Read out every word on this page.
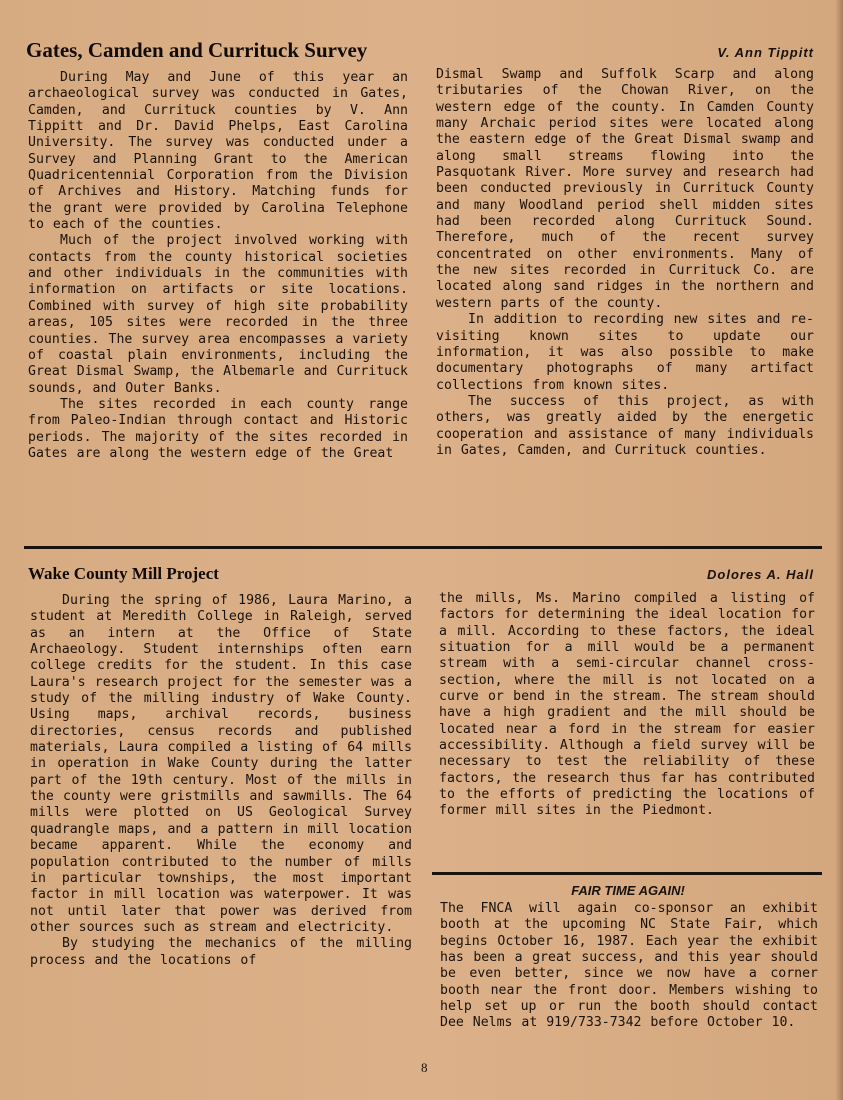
Gates, Camden and Currituck Survey	V. Ann Tippitt

During May and June of this year an archaeological survey was conducted in Gates, Camden, and Currituck counties by V. Ann Tippitt and Dr. David Phelps, East Carolina University. The survey was conducted under a Survey and Planning Grant to the American Quadricentennial Corporation from the Division of Archives and History. Matching funds for the grant were provided by Carolina Telephone to each of the counties.

Much of the project involved working with contacts from the county historical societies and other individuals in the communities with information on artifacts or site locations. Combined with survey of high site probability areas, 105 sites were recorded in the three counties. The survey area encompasses a variety of coastal plain environments, including the Great Dismal Swamp, the Albemarle and Currituck sounds, and Outer Banks.

The sites recorded in each county range from Paleo-Indian through contact and Historic periods. The majority of the sites recorded in Gates are along the western edge of the Great

Dismal Swamp and Suffolk Scarp and along tributaries of the Chowan River, on the western edge of the county. In Camden County many Archaic period sites were located along the eastern edge of the Great Dismal swamp and along small streams flowing into the Pasquotank River. More survey and research had been conducted previously in Currituck County and many Woodland period shell midden sites had been recorded along Currituck Sound. Therefore, much of the recent survey concentrated on other environments. Many of the new sites recorded in Currituck Co. are located along sand ridges in the northern and western parts of the county.

In addition to recording new sites and re-visiting known sites to update our information, it was also possible to make documentary photographs of many artifact collections from known sites.

The success of this project, as with others, was greatly aided by the energetic cooperation and assistance of many individuals in Gates, Camden, and Currituck counties.

Wake County Mill Project	Dolores A. Hall

During the spring of 1986, Laura Marino, a student at Meredith College in Raleigh, served as an intern at the Office of State Archaeology. Student internships often earn college credits for the student. In this case Laura's research project for the semester was a study of the milling industry of Wake County. Using maps, archival records, business directories, census records and published materials, Laura compiled a listing of 64 mills in operation in Wake County during the latter part of the 19th century. Most of the mills in the county were gristmills and sawmills. The 64 mills were plotted on US Geological Survey quadrangle maps, and a pattern in mill location became apparent. While the economy and population contributed to the number of mills in particular townships, the most important factor in mill location was waterpower. It was not until later that power was derived from other sources such as stream and electricity.

By studying the mechanics of the milling process and the locations of

the mills, Ms. Marino compiled a listing of factors for determining the ideal location for a mill. According to these factors, the ideal situation for a mill would be a permanent stream with a semi-circular channel cross-section, where the mill is not located on a curve or bend in the stream. The stream should have a high gradient and the mill should be located near a ford in the stream for easier accessibility. Although a field survey will be necessary to test the reliability of these factors, the research thus far has contributed to the efforts of predicting the locations of former mill sites in the Piedmont.

FAIR TIME AGAIN!

The FNCA will again co-sponsor an exhibit booth at the upcoming NC State Fair, which begins October 16, 1987. Each year the exhibit has been a great success, and this year should be even better, since we now have a corner booth near the front door. Members wishing to help set up or run the booth should contact Dee Nelms at 919/733-7342 before October 10.

8
